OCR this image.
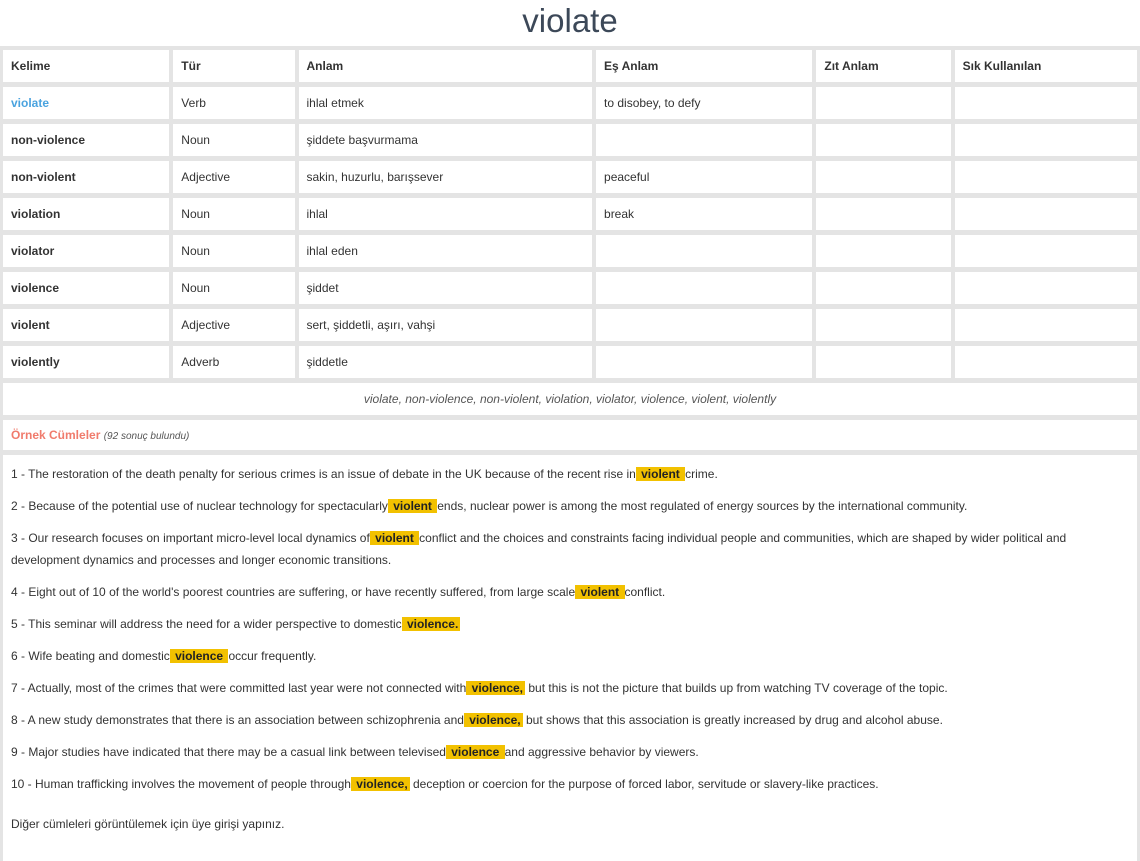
violate
Kelime	Tür	Anlam	Eş Anlam	Zıt Anlam	Sık Kullanılan
violate	Verb	ihlal etmek	to disobey, to defy		
non-violence	Noun	şiddete başvurmama			
non-violent	Adjective	sakin, huzurlu, barışsever	peaceful		
violation	Noun	ihlal	break		
violator	Noun	ihlal eden			
violence	Noun	şiddet			
violent	Adjective	sert, şiddetli, aşırı, vahşi			
violently	Adverb	şiddetle			
violate, non-violence, non-violent, violation, violator, violence, violent, violently
Örnek Cümleler (92 sonuç bulundu)
1 - The restoration of the death penalty for serious crimes is an issue of debate in the UK because of the recent rise in violent crime.
2 - Because of the potential use of nuclear technology for spectacularly violent ends, nuclear power is among the most regulated of energy sources by the international community.
3 - Our research focuses on important micro-level local dynamics of violent conflict and the choices and constraints facing individual people and communities, which are shaped by wider political and development dynamics and processes and longer economic transitions.
4 - Eight out of 10 of the world's poorest countries are suffering, or have recently suffered, from large scale violent conflict.
5 - This seminar will address the need for a wider perspective to domestic violence.
6 - Wife beating and domestic violence occur frequently.
7 - Actually, most of the crimes that were committed last year were not connected with violence, but this is not the picture that builds up from watching TV coverage of the topic.
8 - A new study demonstrates that there is an association between schizophrenia and violence, but shows that this association is greatly increased by drug and alcohol abuse.
9 - Major studies have indicated that there may be a casual link between televised violence and aggressive behavior by viewers.
10 - Human trafficking involves the movement of people through violence, deception or coercion for the purpose of forced labor, servitude or slavery-like practices.
Diğer cümleleri görüntülemek için üye girişi yapınız.
